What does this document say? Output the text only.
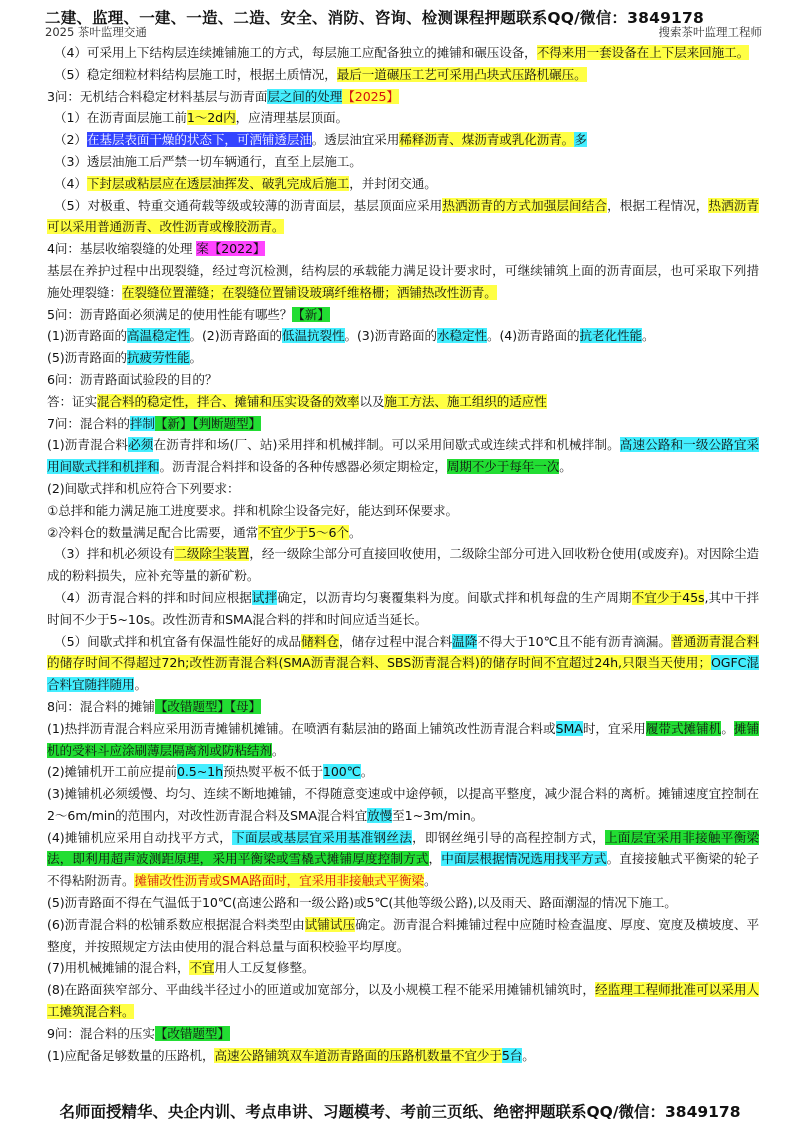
二建、监理、一建、一造、二造、安全、消防、咨询、检测课程押题联系QQ/微信：3849178
2025 茶叶监理交通	搜索茶叶监理工程师

（4）可采用上下结构层连续摊铺施工的方式，每层施工应配备独立的摊铺和碾压设备，不得来用一套设备在上下层来回施工。

（5）稳定细粒材料结构层施工时，根据土质情况，最后一道碾压工艺可采用凸块式压路机碾压。

3问：无机结合料稳定材料基层与沥青面层之间的处理【2025】

（1）在沥青面层施工前1～2d内，应清理基层顶面。

（2）在基层表面干燥的状态下，可洒铺透层油。透层油宜采用稀释沥青、煤沥青或乳化沥青。多

（3）透层油施工后严禁一切车辆通行，直至上层施工。

（4）下封层或粘层应在透层油挥发、破乳完成后施工，并封闭交通。

（5）对极重、特重交通荷载等级或较薄的沥青面层，基层顶面应采用热洒沥青的方式加强层间结合，根据工程情况，热洒沥青可以采用普通沥青、改性沥青或橡胶沥青。

4问：基层收缩裂缝的处理 案【2022】

基层在养护过程中出现裂缝，经过弯沉检测，结构层的承载能力满足设计要求时，可继续铺筑上面的沥青面层，也可采取下列措施处理裂缝：在裂缝位置灌缝；在裂缝位置铺设玻璃纤维格栅；洒铺热改性沥青。

5问：沥青路面必须满足的使用性能有哪些？【新】

(1)沥青路面的高温稳定性。(2)沥青路面的低温抗裂性。(3)沥青路面的水稳定性。(4)沥青路面的抗老化性能。

(5)沥青路面的抗疲劳性能。

6问：沥青路面试验段的目的？

答：证实混合料的稳定性，拌合、摊铺和压实设备的效率以及施工方法、施工组织的适应性

7问：混合料的拌制【新】【判断题型】

(1)沥青混合料必须在沥青拌和场(厂、站)采用拌和机械拌制。可以采用间歇式或连续式拌和机械拌制。高速公路和一级公路宜采用间歇式拌和机拌和。沥青混合料拌和设备的各种传感器必须定期检定，周期不少于每年一次。

(2)间歇式拌和机应符合下列要求：

①总拌和能力满足施工进度要求。拌和机除尘设备完好，能达到环保要求。

②冷料仓的数量满足配合比需要，通常不宜少于5～6个。

（3）拌和机必须设有二级除尘装置，经一级除尘部分可直接回收使用，二级除尘部分可进入回收粉仓使用(或废弃)。对因除尘造成的粉料损失，应补充等量的新矿粉。

（4）沥青混合料的拌和时间应根据试拌确定，以沥青均匀裹覆集料为度。间歇式拌和机每盘的生产周期不宜少于45s,其中干拌时间不少于5~10s。改性沥青和SMA混合料的拌和时间应适当延长。

（5）间歇式拌和机宜备有保温性能好的成品储料仓，储存过程中混合料温降不得大于10℃且不能有沥青滴漏。普通沥青混合料的储存时间不得超过72h;改性沥青混合料(SMA沥青混合料、SBS沥青混合料)的储存时间不宜超过24h,只限当天使用；OGFC混合料宜随拌随用。

8问：混合料的摊铺【改错题型】【母】

(1)热拌沥青混合料应采用沥青摊铺机摊铺。在喷洒有黏层油的路面上铺筑改性沥青混合料或SMA时，宜采用履带式摊铺机。摊铺机的受料斗应涂刷薄层隔离剂或防粘结剂。

(2)摊铺机开工前应提前0.5~1h预热熨平板不低于100℃。

(3)摊铺机必须缓慢、均匀、连续不断地摊铺，不得随意变速或中途停顿，以提高平整度，减少混合料的离析。摊铺速度宜控制在2～6m/min的范围内，对改性沥青混合料及SMA混合料宜放慢至1~3m/min。

(4)摊铺机应采用自动找平方式，下面层或基层宜采用基准钢丝法，即钢丝绳引导的高程控制方式，上面层宜采用非接触平衡梁法，即利用超声波测距原理，采用平衡梁或雪橇式摊铺厚度控制方式，中面层根据情况选用找平方式。直接接触式平衡梁的轮子不得粘附沥青。摊铺改性沥青或SMA路面时，宜采用非接触式平衡梁。

(5)沥青路面不得在气温低于10℃(高速公路和一级公路)或5℃(其他等级公路),以及雨天、路面潮湿的情况下施工。

(6)沥青混合料的松铺系数应根据混合料类型由试铺试压确定。沥青混合料摊铺过程中应随时检查温度、厚度、宽度及横坡度、平整度，并按照规定方法由使用的混合料总量与面积校验平均厚度。

(7)用机械摊铺的混合料，不宜用人工反复修整。

(8)在路面狭窄部分、平曲线半径过小的匝道或加宽部分，以及小规模工程不能采用摊铺机铺筑时，经监理工程师批准可以采用人工摊筑混合料。

9问：混合料的压实【改错题型】

(1)应配备足够数量的压路机，高速公路铺筑双车道沥青路面的压路机数量不宜少于5台。

名师面授精华、央企内训、考点串讲、习题模考、考前三页纸、绝密押题联系QQ/微信：3849178
